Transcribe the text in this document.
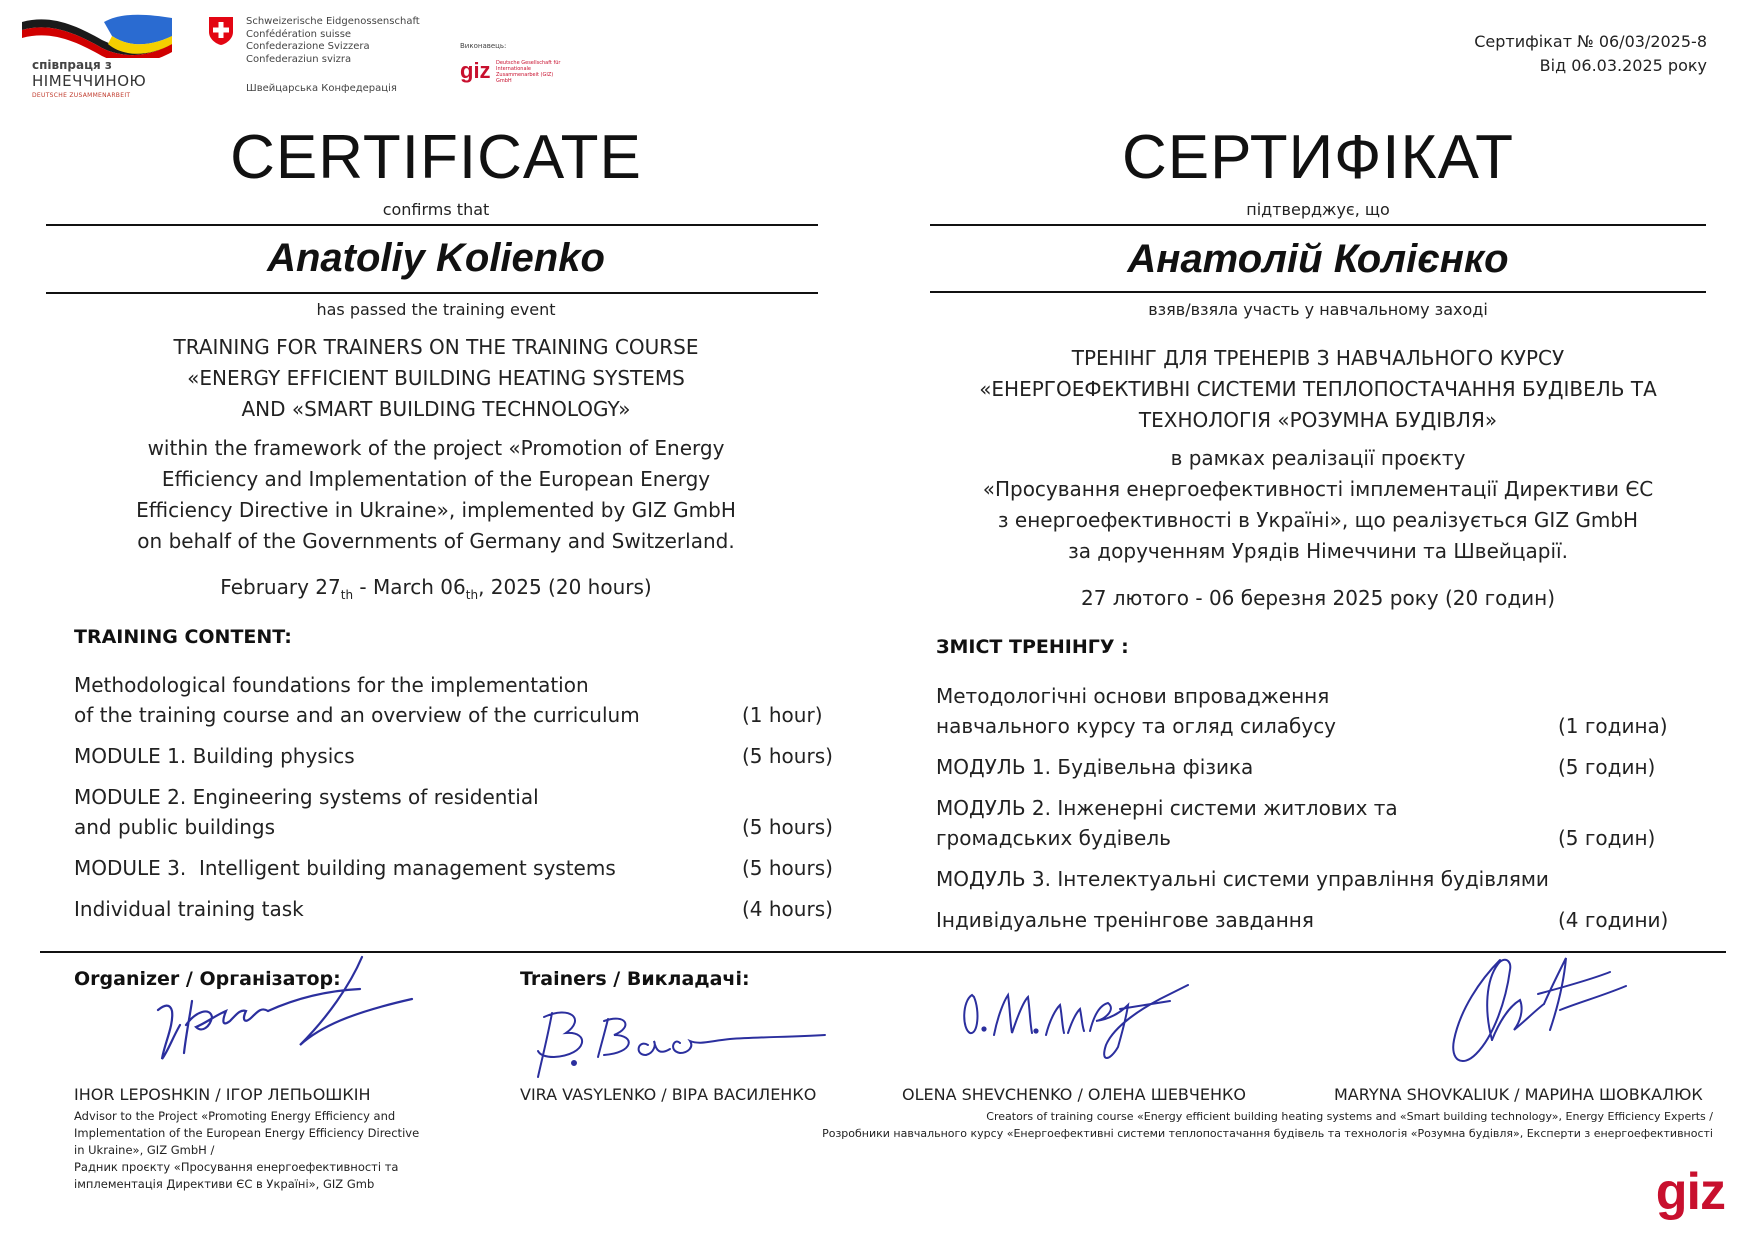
співпраця з
НІМЕЧЧИНОЮ
DEUTSCHE ZUSAMMENARBEIT
Schweizerische Eidgenossenschaft
Confédération suisse
Confederazione Svizzera
Confederaziun svizra
Швейцарська Конфедерація
Виконавець:
giz Deutsche Gesellschaft für Internationale Zusammenarbeit (GIZ) GmbH
Сертифікат № 06/03/2025-8
Від 06.03.2025 року
CERTIFICATE
confirms that
Anatoliy Kolienko
has passed the training event
TRAINING FOR TRAINERS ON THE TRAINING COURSE
«ENERGY EFFICIENT BUILDING HEATING SYSTEMS
AND «SMART BUILDING TECHNOLOGY»
within the framework of the project «Promotion of Energy
Efficiency and Implementation of the European Energy
Efficiency Directive in Ukraine», implemented by GIZ GmbH
on behalf of the Governments of Germany and Switzerland.
February $27_{th}$ - March $06_{th}$, 2025 (20 hours)
TRAINING CONTENT:
Methodological foundations for the implementation
of the training course and an overview of the curriculum	(1 hour)
MODULE 1. Building physics	(5 hours)
MODULE 2. Engineering systems of residential
and public buildings	(5 hours)
MODULE 3.  Intelligent building management systems	(5 hours)
Individual training task	(4 hours)
СЕРТИФІКАТ
підтверджує, що
Анатолій Колієнко
взяв/взяла участь у навчальному заході
ТРЕНІНГ ДЛЯ ТРЕНЕРІВ З НАВЧАЛЬНОГО КУРСУ
«ЕНЕРГОЕФЕКТИВНІ СИСТЕМИ ТЕПЛОПОСТАЧАННЯ БУДІВЕЛЬ ТА
ТЕХНОЛОГІЯ «РОЗУМНА БУДІВЛЯ»
в рамках реалізації проєкту
«Просування енергоефективності імплементації Директиви ЄС
з енергоефективності в Україні», що реалізується GIZ GmbH
за дорученням Урядів Німеччини та Швейцарії.
27 лютого - 06 березня 2025 року (20 годин)
ЗМІСТ ТРЕНІНГУ :
Методологічні основи впровадження
навчального курсу та огляд силабусу	(1 година)
МОДУЛЬ 1. Будівельна фізика	(5 годин)
МОДУЛЬ 2. Інженерні системи житлових та
громадських будівель	(5 годин)
МОДУЛЬ 3. Інтелектуальні системи управління будівлями
Індивідуальне тренінгове завдання	(4 години)
Organizer / Організатор:	Trainers / Викладачі:
IHOR LEPOSHKIN / ІГОР ЛЕПЬОШКІН	VIRA VASYLENKO / ВІРА ВАСИЛЕНКО	OLENA SHEVCHENKO / ОЛЕНА ШЕВЧЕНКО	MARYNA SHOVKALIUK / МАРИНА ШОВКАЛЮК
Advisor to the Project «Promoting Energy Efficiency and
Implementation of the European Energy Efficiency Directive
in Ukraine», GIZ GmbH /
Радник проєкту «Просування енергоефективності та
імплементація Директиви ЄС в Україні», GIZ Gmb
Creators of training course «Energy efficient building heating systems and «Smart building technology», Energy Efficiency Experts /
Розробники навчального курсу «Енергоефективні системи теплопостачання будівель та технологія «Розумна будівля», Експерти з енергоефективності
giz
